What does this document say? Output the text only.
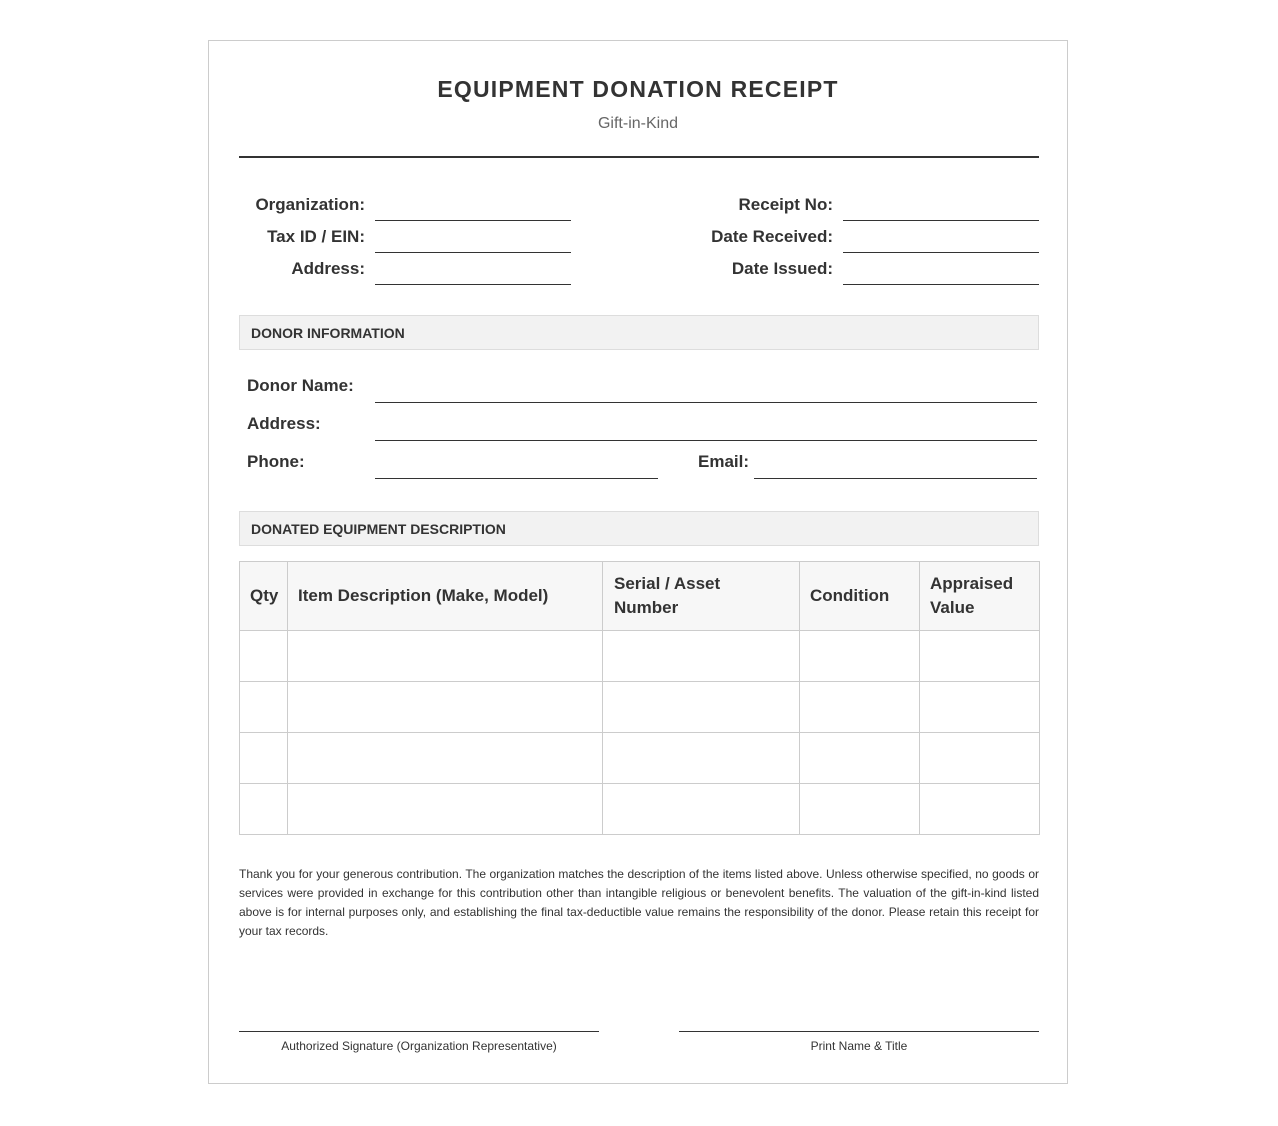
EQUIPMENT DONATION RECEIPT
Gift-in-Kind
Organization:
Tax ID / EIN:
Address:
Receipt No:
Date Received:
Date Issued:
DONOR INFORMATION
Donor Name:
Address:
Phone:	Email:
DONATED EQUIPMENT DESCRIPTION
Qty	Item Description (Make, Model)	Serial / Asset Number	Condition	Appraised Value

Thank you for your generous contribution. The organization matches the description of the items listed above. Unless otherwise specified, no goods or services were provided in exchange for this contribution other than intangible religious or benevolent benefits. The valuation of the gift-in-kind listed above is for internal purposes only, and establishing the final tax-deductible value remains the responsibility of the donor. Please retain this receipt for your tax records.
Authorized Signature (Organization Representative)	Print Name & Title
